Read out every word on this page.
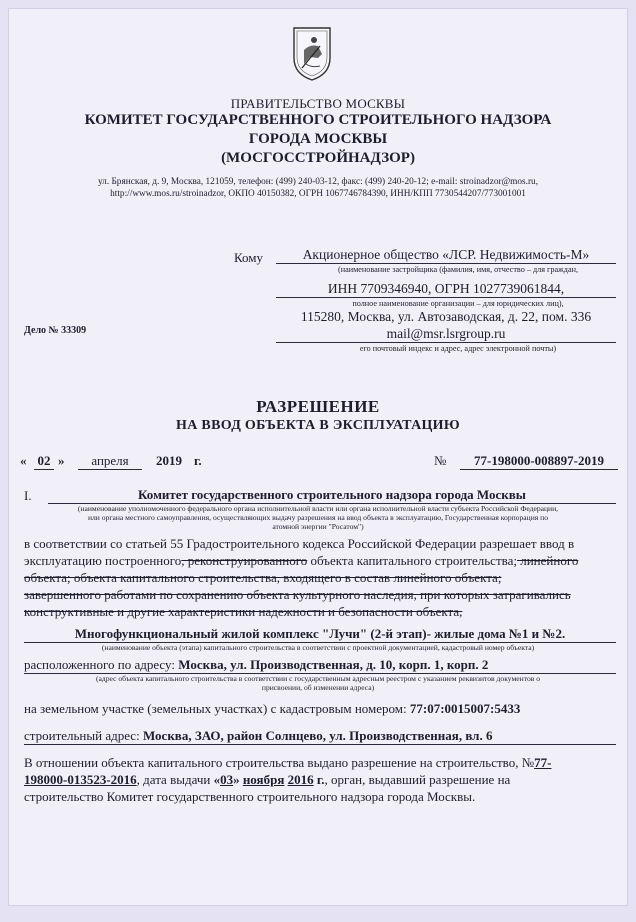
ПРАВИТЕЛЬСТВО МОСКВЫ
КОМИТЕТ ГОСУДАРСТВЕННОГО СТРОИТЕЛЬНОГО НАДЗОРА
ГОРОДА МОСКВЫ
(МОСГОССТРОЙНАДЗОР)
ул. Брянская, д. 9, Москва, 121059, телефон: (499) 240-03-12, факс: (499) 240-20-12; e-mail: stroinadzor@mos.ru,
http://www.mos.ru/stroinadzor, ОКПО 40150382, ОГРН 1067746784390, ИНН/КПП 7730544207/773001001
Кому	Акционерное общество «ЛСР. Недвижимость-М»
(наименование застройщика (фамилия, имя, отчество – для граждан,
ИНН 7709346940, ОГРН 1027739061844,
полное наименование организации – для юридических лиц),
115280, Москва, ул. Автозаводская, д. 22, пом. 336
mail@msr.lsrgroup.ru
его почтовый индекс и адрес, адрес электронной почты)
Дело № 33309
РАЗРЕШЕНИЕ
НА ВВОД ОБЪЕКТА В ЭКСПЛУАТАЦИЮ
« 02 »	апреля	2019 г.	№	77-198000-008897-2019
I.	Комитет государственного строительного надзора города Москвы
(наименование уполномоченного федерального органа исполнительной власти или органа исполнительной власти субъекта Российской Федерации,
или органа местного самоуправления, осуществляющих выдачу разрешения на ввод объекта в эксплуатацию, Государственная корпорация по
атомной энергии "Росатом")
в соответствии со статьей 55 Градостроительного кодекса Российской Федерации разрешает ввод в
эксплуатацию построенного, реконструированного объекта капитального строительства; линейного
объекта; объекта капитального строительства, входящего в состав линейного объекта;
завершенного работами по сохранению объекта культурного наследия, при которых затрагивались
конструктивные и другие характеристики надежности и безопасности объекта,
Многофункциональный жилой комплекс "Лучи" (2-й этап)- жилые дома №1 и №2.
(наименование объекта (этапа) капитального строительства в соответствии с проектной документацией, кадастровый номер объекта)
расположенного по адресу: Москва, ул. Производственная, д. 10, корп. 1, корп. 2
(адрес объекта капитального строительства в соответствии с государственным адресным реестром с указанием реквизитов документов о
присвоении, об изменении адреса)
на земельном участке (земельных участках) с кадастровым номером: 77:07:0015007:5433
строительный адрес: Москва, ЗАО, район Солнцево, ул. Производственная, вл. 6
В отношении объекта капитального строительства выдано разрешение на строительство, №77-
198000-013523-2016, дата выдачи «03» ноября 2016 г., орган, выдавший разрешение на
строительство Комитет государственного строительного надзора города Москвы.
